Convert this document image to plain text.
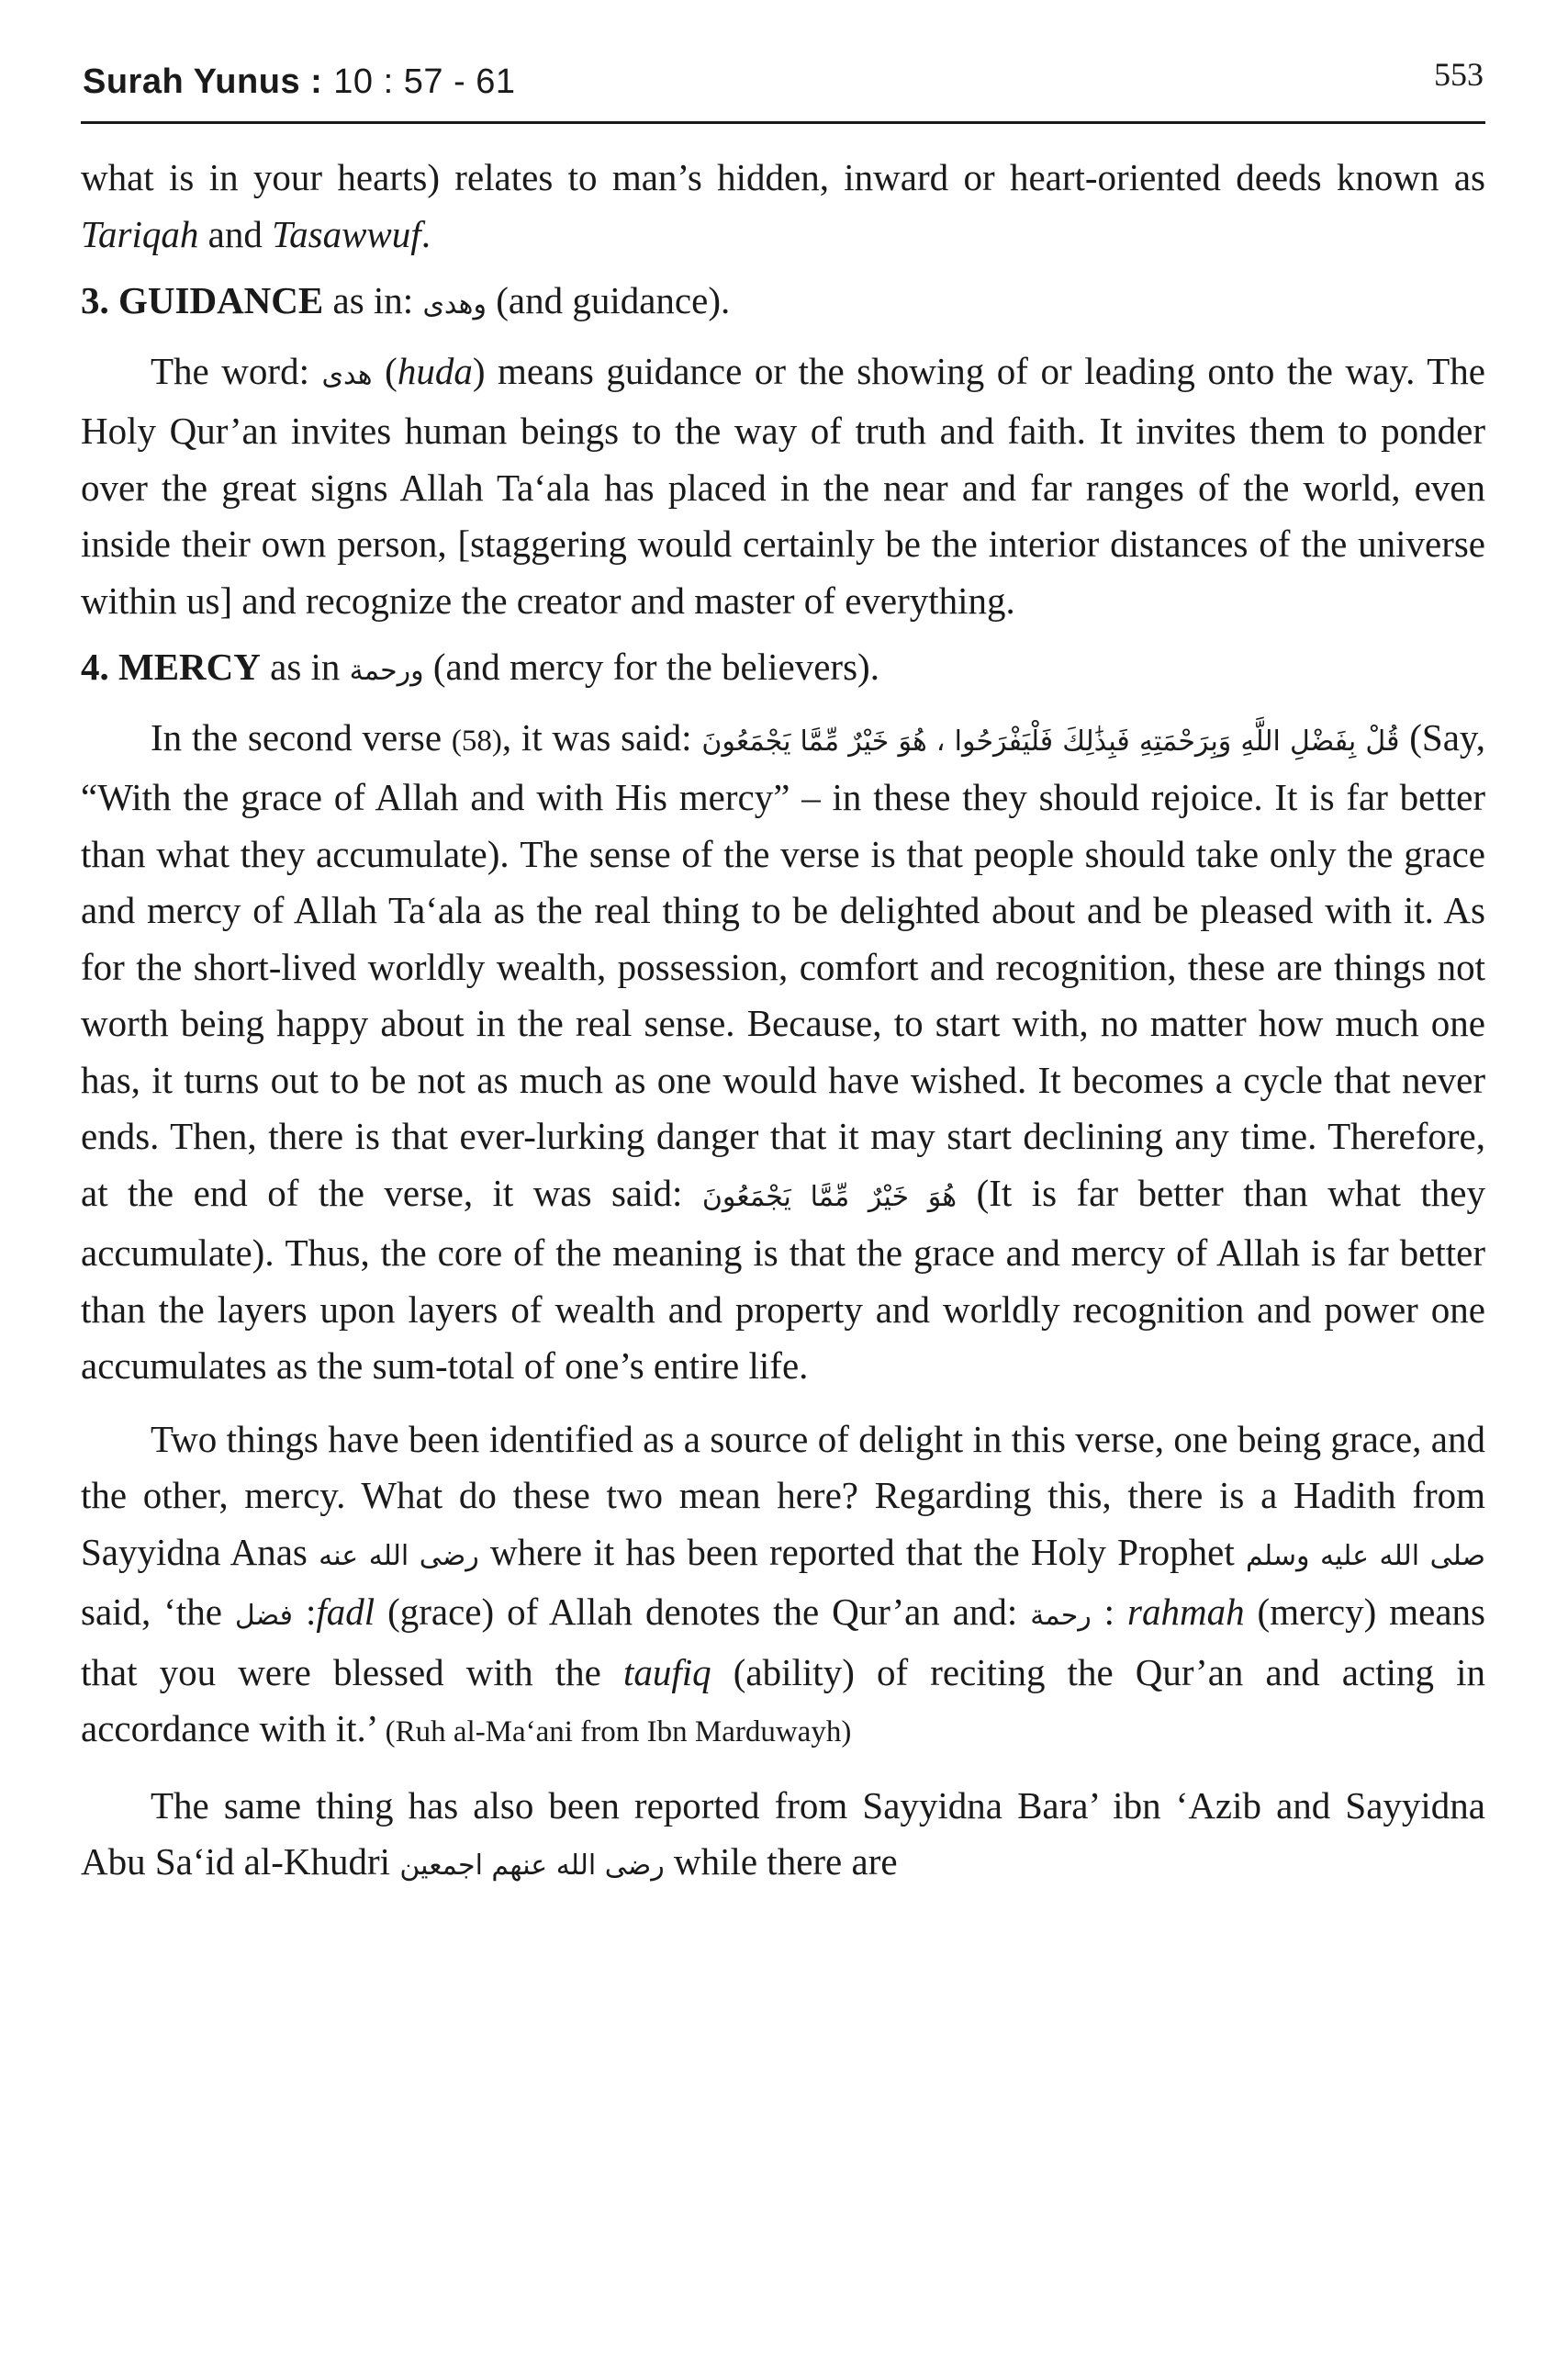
Surah Yunus : 10 : 57 - 61	553

what is in your hearts) relates to man’s hidden, inward or heart-oriented deeds known as Tariqah and Tasawwuf.

3. GUIDANCE as in: وهدى (and guidance).

The word: هدى (huda) means guidance or the showing of or leading onto the way. The Holy Qur’an invites human beings to the way of truth and faith. It invites them to ponder over the great signs Allah Ta‘ala has placed in the near and far ranges of the world, even inside their own person, [staggering would certainly be the interior distances of the universe within us] and recognize the creator and master of everything.

4. MERCY as in ورحمة (and mercy for the believers).

In the second verse (58), it was said: قُلْ بِفَضْلِ اللَّهِ وَبِرَحْمَتِهِ فَبِذَٰلِكَ فَلْيَفْرَحُوا ، هُوَ خَيْرٌ مِّمَّا يَجْمَعُونَ (Say, “With the grace of Allah and with His mercy” – in these they should rejoice. It is far better than what they accumulate). The sense of the verse is that people should take only the grace and mercy of Allah Ta‘ala as the real thing to be delighted about and be pleased with it. As for the short-lived worldly wealth, possession, comfort and recognition, these are things not worth being happy about in the real sense. Because, to start with, no matter how much one has, it turns out to be not as much as one would have wished. It becomes a cycle that never ends. Then, there is that ever-lurking danger that it may start declining any time. Therefore, at the end of the verse, it was said: هُوَ خَيْرٌ مِّمَّا يَجْمَعُونَ (It is far better than what they accumulate). Thus, the core of the meaning is that the grace and mercy of Allah is far better than the layers upon layers of wealth and property and worldly recognition and power one accumulates as the sum-total of one’s entire life.

Two things have been identified as a source of delight in this verse, one being grace, and the other, mercy. What do these two mean here? Regarding this, there is a Hadith from Sayyidna Anas رضى الله عنه where it has been reported that the Holy Prophet صلى الله عليه وسلم said, ‘the فضل :fadl (grace) of Allah denotes the Qur’an and: رحمة : rahmah (mercy) means that you were blessed with the taufiq (ability) of reciting the Qur’an and acting in accordance with it.’ (Ruh al-Ma‘ani from Ibn Marduwayh)

The same thing has also been reported from Sayyidna Bara’ ibn ‘Azib and Sayyidna Abu Sa‘id al-Khudri رضى الله عنهم اجمعين while there are
